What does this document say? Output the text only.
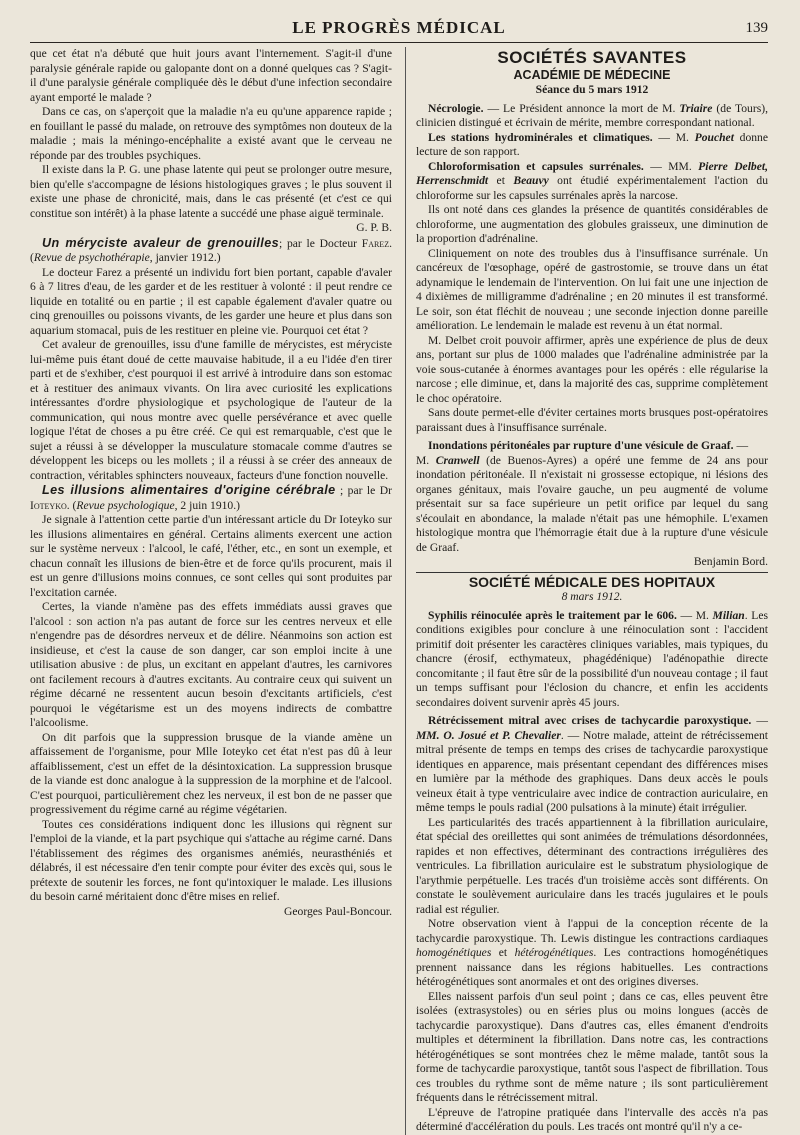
LE PROGRÈS MÉDICAL	139

que cet état n'a débuté que huit jours avant l'internement. S'agit-il d'une paralysie générale rapide ou galopante dont on a donné quelques cas ? S'agit-il d'une paralysie générale compliquée dès le début d'une infection secondaire ayant emporté le malade ?

Dans ce cas, on s'aperçoit que la maladie n'a eu qu'une apparence rapide ; en fouillant le passé du malade, on retrouve des symptômes non douteux de la maladie ; mais la méningo-encéphalite a existé avant que le cerveau ne réponde par des troubles psychiques.

Il existe dans la P. G. une phase latente qui peut se prolonger outre mesure, bien qu'elle s'accompagne de lésions histologiques graves ; le plus souvent il existe une phase de chronicité, mais, dans le cas présenté (et c'est ce qui constitue son intérêt) à la phase latente a succédé une phase aiguë terminale.

G. P. B.

Un méryciste avaleur de grenouilles; par le Docteur Farez. (Revue de psychothérapie, janvier 1912.)

Le docteur Farez a présenté un individu fort bien portant, capable d'avaler 6 à 7 litres d'eau, de les garder et de les restituer à volonté : il peut rendre ce liquide en totalité ou en partie ; il est capable également d'avaler quatre ou cinq grenouilles ou poissons vivants, de les garder une heure et plus dans son aquarium stomacal, puis de les restituer en pleine vie. Pourquoi cet état ?

Cet avaleur de grenouilles, issu d'une famille de mérycistes, est méryciste lui-même puis étant doué de cette mauvaise habitude, il a eu l'idée d'en tirer parti et de s'exhiber, c'est pourquoi il est arrivé à introduire dans son estomac et à restituer des animaux vivants. On lira avec curiosité les explications intéressantes d'ordre physiologique et psychologique de l'auteur de la communication, qui nous montre avec quelle persévérance et avec quelle logique l'état de choses a pu être créé. Ce qui est remarquable, c'est que le sujet a réussi à se développer la musculature stomacale comme d'autres se développent les biceps ou les mollets ; il a réussi à se créer des anneaux de contraction, véritables sphincters nouveaux, facteurs d'une fonction nouvelle.

Les illusions alimentaires d'origine cérébrale ; par le Dr Ioteyko. (Revue psychologique, 2 juin 1910.)

Je signale à l'attention cette partie d'un intéressant article du Dr Ioteyko sur les illusions alimentaires en général. Certains aliments exercent une action sur le système nerveux : l'alcool, le café, l'éther, etc., en sont un exemple, et chacun connaît les illusions de bien-être et de force qu'ils procurent, mais il est un genre d'illusions moins connues, ce sont celles qui sont produites par l'excitation carnée.

Certes, la viande n'amène pas des effets immédiats aussi graves que l'alcool : son action n'a pas autant de force sur les centres nerveux et elle n'engendre pas de désordres nerveux et de délire. Néanmoins son action est insidieuse, et c'est la cause de son danger, car son emploi incite à une utilisation abusive : de plus, un excitant en appelant d'autres, les carnivores ont facilement recours à d'autres excitants. Au contraire ceux qui suivent un régime décarné ne ressentent aucun besoin d'excitants artificiels, c'est pourquoi le végétarisme est un des moyens indirects de combattre l'alcoolisme.

On dit parfois que la suppression brusque de la viande amène un affaissement de l'organisme, pour Mlle Ioteyko cet état n'est pas dû à leur affaiblissement, c'est un effet de la désintoxication. La suppression brusque de la viande est donc analogue à la suppression de la morphine et de l'alcool. C'est pourquoi, particulièrement chez les nerveux, il est bon de ne passer que progressivement du régime carné au régime végétarien.

Toutes ces considérations indiquent donc les illusions qui règnent sur l'emploi de la viande, et la part psychique qui s'attache au régime carné. Dans l'établissement des régimes des organismes anémiés, neurasthéniés et délabrés, il est nécessaire d'en tenir compte pour éviter des excès qui, sous le prétexte de soutenir les forces, ne font qu'intoxiquer le malade. Les illusions du besoin carné méritaient donc d'être mises en relief.

Georges Paul-Boncour.

SOCIÉTÉS SAVANTES
ACADÉMIE DE MÉDECINE
Séance du 5 mars 1912

Nécrologie. — Le Président annonce la mort de M. Triaire (de Tours), clinicien distingué et écrivain de mérite, membre correspondant national.

Les stations hydrominérales et climatiques. — M. Pouchet donne lecture de son rapport.

Chloroformisation et capsules surrénales. — MM. Pierre Delbet, Herrenschmidt et Beauvy ont étudié expérimentalement l'action du chloroforme sur les capsules surrénales après la narcose.

Ils ont noté dans ces glandes la présence de quantités considérables de chloroforme, une augmentation des globules graisseux, une diminution de la proportion d'adrénaline.

Cliniquement on note des troubles dus à l'insuffisance surrénale. Un cancéreux de l'œsophage, opéré de gastrostomie, se trouve dans un état adynamique le lendemain de l'intervention. On lui fait une une injection de 4 dixièmes de milligramme d'adrénaline ; en 20 minutes il est transformé. Le soir, son état fléchit de nouveau ; une seconde injection donne pareille amélioration. Le lendemain le malade est revenu à un état normal.

M. Delbet croit pouvoir affirmer, après une expérience de plus de deux ans, portant sur plus de 1000 malades que l'adrénaline administrée par la voie sous-cutanée à énormes avantages pour les opérés : elle régularise la narcose ; elle diminue, et, dans la majorité des cas, supprime complètement le choc opératoire.

Sans doute permet-elle d'éviter certaines morts brusques post-opératoires paraissant dues à l'insuffisance surrénale.

Inondations péritonéales par rupture d'une vésicule de Graaf. —

M. Cranwell (de Buenos-Ayres) a opéré une femme de 24 ans pour inondation péritonéale. Il n'existait ni grossesse ectopique, ni lésions des organes génitaux, mais l'ovaire gauche, un peu augmenté de volume présentait sur sa face supérieure un petit orifice par lequel du sang s'écoulait en abondance, la malade n'était pas une hémophile. L'examen histologique montra que l'hémorragie était due à la rupture d'une vésicule de Graaf.

Benjamin Bord.

SOCIÉTÉ MÉDICALE DES HOPITAUX
8 mars 1912.

Syphilis réinoculée après le traitement par le 606. — M. Milian. Les conditions exigibles pour conclure à une réinoculation sont : l'accident primitif doit présenter les caractères cliniques variables, mais typiques, du chancre (érosif, ecthymateux, phagédénique) l'adénopathie directe concomitante ; il faut être sûr de la possibilité d'un nouveau contage ; il faut un temps suffisant pour l'éclosion du chancre, et enfin les accidents secondaires doivent survenir après 45 jours.

Rétrécissement mitral avec crises de tachycardie paroxystique. — MM. O. Josué et P. Chevalier. — Notre malade, atteint de rétrécissement mitral présente de temps en temps des crises de tachycardie paroxystique identiques en apparence, mais présentant cependant des différences mises en lumière par la méthode des graphiques. Dans deux accès le pouls veineux était à type ventriculaire avec indice de contraction auriculaire, en même temps le pouls radial (200 pulsations à la minute) était irrégulier.

Les particularités des tracés appartiennent à la fibrillation auriculaire, état spécial des oreillettes qui sont animées de trémulations désordonnées, rapides et non effectives, déterminant des contractions irrégulières des ventricules. La fibrillation auriculaire est le substratum physiologique de l'arythmie perpétuelle. Les tracés d'un troisième accès sont différents. On constate le soulèvement auriculaire dans les tracés jugulaires et le pouls radial est régulier.

Notre observation vient à l'appui de la conception récente de la tachycardie paroxystique. Th. Lewis distingue les contractions cardiaques homogénétiques et hétérogénétiques. Les contractions homogénétiques prennent naissance dans les régions habituelles. Les contractions hétérogénétiques sont anormales et ont des origines diverses.

Elles naissent parfois d'un seul point ; dans ce cas, elles peuvent être isolées (extrasystoles) ou en séries plus ou moins longues (accès de tachycardie paroxystique). Dans d'autres cas, elles émanent d'endroits multiples et déterminent la fibrillation. Dans notre cas, les contractions hétérogénétiques se sont montrées chez le même malade, tantôt sous la forme de tachycardie paroxystique, tantôt sous l'aspect de fibrillation. Tous ces troubles du rythme sont de même nature ; ils sont particulièrement fréquents dans le rétrécissement mitral.

L'épreuve de l'atropine pratiquée dans l'intervalle des accès n'a pas déterminé d'accélération du pouls. Les tracés ont montré qu'il n'y a ce-
